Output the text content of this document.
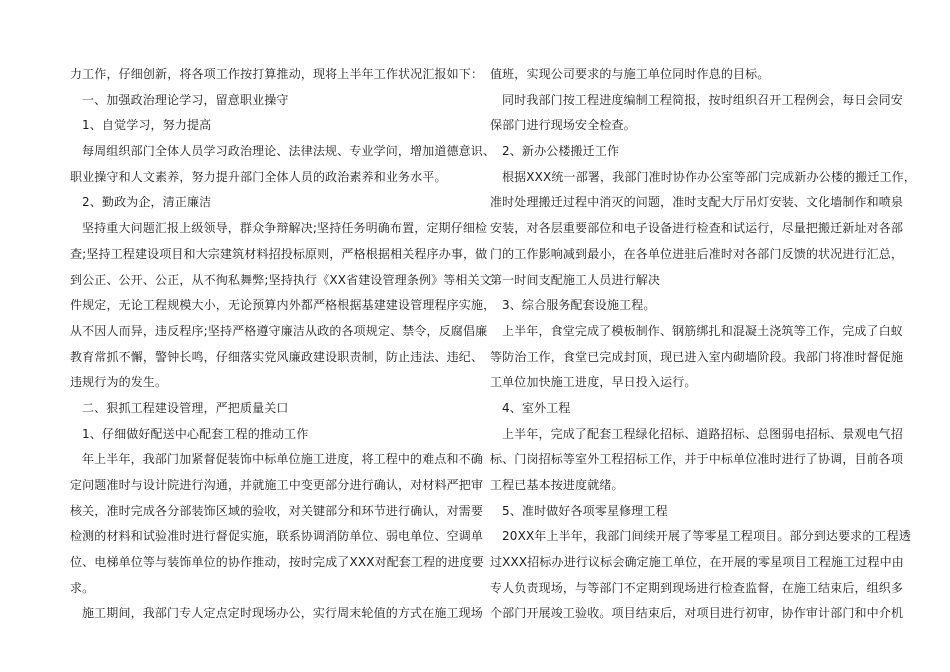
力工作，仔细创新，将各项工作按打算推动，现将上半年工作状况汇报如下：
一、加强政治理论学习，留意职业操守
1、自觉学习，努力提高
每周组织部门全体人员学习政治理论、法律法规、专业学问，增加道德意识、
职业操守和人文素养，努力提升部门全体人员的政治素养和业务水平。
2、勤政为企，清正廉洁
坚持重大问题汇报上级领导，群众争辩解决;坚持任务明确布置，定期仔细检
查;坚持工程建设项目和大宗建筑材料招投标原则，严格根据相关程序办事，做
到公正、公开、公正，从不徇私舞弊;坚持执行《XX省建设管理条例》等相关文
件规定，无论工程规模大小，无论预算内外都严格根据基建建设管理程序实施，
从不因人而异，违反程序;坚持严格遵守廉洁从政的各项规定、禁令，反腐倡廉
教育常抓不懈，警钟长鸣，仔细落实党风廉政建设职责制，防止违法、违纪、
违规行为的发生。
二、狠抓工程建设管理，严把质量关口
1、仔细做好配送中心配套工程的推动工作
年上半年，我部门加紧督促装饰中标单位施工进度，将工程中的难点和不确
定问题准时与设计院进行沟通，并就施工中变更部分进行确认，对材料严把审
核关，准时完成各分部装饰区域的验收，对关键部分和环节进行确认，对需要
检测的材料和试验准时进行督促实施，联系协调消防单位、弱电单位、空调单
位、电梯单位等与装饰单位的协作推动，按时完成了XXX对配套工程的进度要
求。
施工期间，我部门专人定点定时现场办公，实行周末轮值的方式在施工现场
值班，实现公司要求的与施工单位同时作息的目标。
同时我部门按工程进度编制工程简报，按时组织召开工程例会，每日会同安
保部门进行现场安全检查。
2、新办公楼搬迁工作
根据XXX统一部署，我部门准时协作办公室等部门完成新办公楼的搬迁工作，
准时处理搬迁过程中消灭的问题，准时支配大厅吊灯安装、文化墙制作和喷泉
安装，对各层重要部位和电子设备进行检查和试运行，尽量把搬迁新址对各部
门的工作影响减到最小，在各单位进驻后准时对各部门反馈的状况进行汇总，
第一时间支配施工人员进行解决
3、综合服务配套设施工程。
上半年，食堂完成了模板制作、钢筋绑扎和混凝土浇筑等工作，完成了白蚁
等防治工作，食堂已完成封顶，现已进入室内砌墙阶段。我部门将准时督促施
工单位加快施工进度，早日投入运行。
4、室外工程
上半年，完成了配套工程绿化招标、道路招标、总图弱电招标、景观电气招
标、门岗招标等室外工程招标工作，并于中标单位准时进行了协调，目前各项
工程已基本按进度就绪。
5、准时做好各项零星修理工程
20XX年上半年，我部门间续开展了等零星工程项目。部分到达要求的工程透
过XXX招标办进行议标会确定施工单位，在开展的零星项目工程施工过程中由
专人负责现场，与等部门不定期到现场进行检查监督，在施工结束后，组织多
个部门开展竣工验收。项目结束后，对项目进行初审，协作审计部门和中介机
